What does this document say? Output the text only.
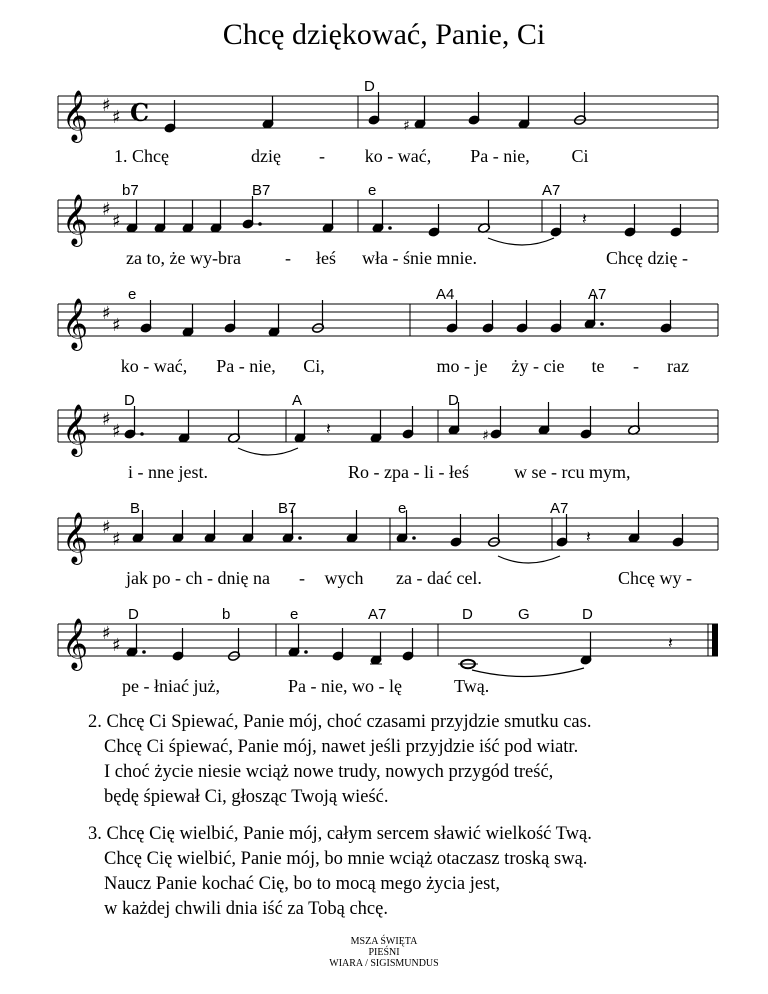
Chcę dziękować, Panie, Ci
𝄞 ♯
♯ C	♯
D
1. Chcę	dzię - ko - wać, Pa - nie, Ci
𝄞 ♯
♯	𝄽
b7	B7	e	A7
za to, że wy-bra - łeś wła - śnie mnie.	Chcę dzię -
𝄞 ♯
♯
e	A4	A7
ko - wać, Pa - nie, Ci,	mo - je ży - cie te - raz
𝄞 ♯
♯	𝄽	♯
D	A	D
i - nne jest.	Ro - zpa - li - łeś	w se - rcu mym,
𝄞 ♯
♯	𝄽
B	B7	e	A7
jak po - ch - dnię na - wych za - dać cel.	Chcę wy -
𝄞 ♯
♯	𝄽
D	b	e	A7	D	G	D
pe - łniać już,	Pa - nie, wo - lę	Twą.
2. Chcę Ci Spiewać, Panie mój, choć czasami przyjdzie smutku cas.
Chcę Ci śpiewać, Panie mój, nawet jeśli przyjdzie iść pod wiatr.
I choć życie niesie wciąż nowe trudy, nowych przygód treść,
będę śpiewał Ci, głosząc Twoją wieść.
3. Chcę Cię wielbić, Panie mój, całym sercem sławić wielkość Twą.
Chcę Cię wielbić, Panie mój, bo mnie wciąż otaczasz troską swą.
Naucz Panie kochać Cię, bo to mocą mego życia jest,
w każdej chwili dnia iść za Tobą chcę.
MSZA ŚWIĘTA
PIEŚNI
WIARA / SIGISMUNDUS
